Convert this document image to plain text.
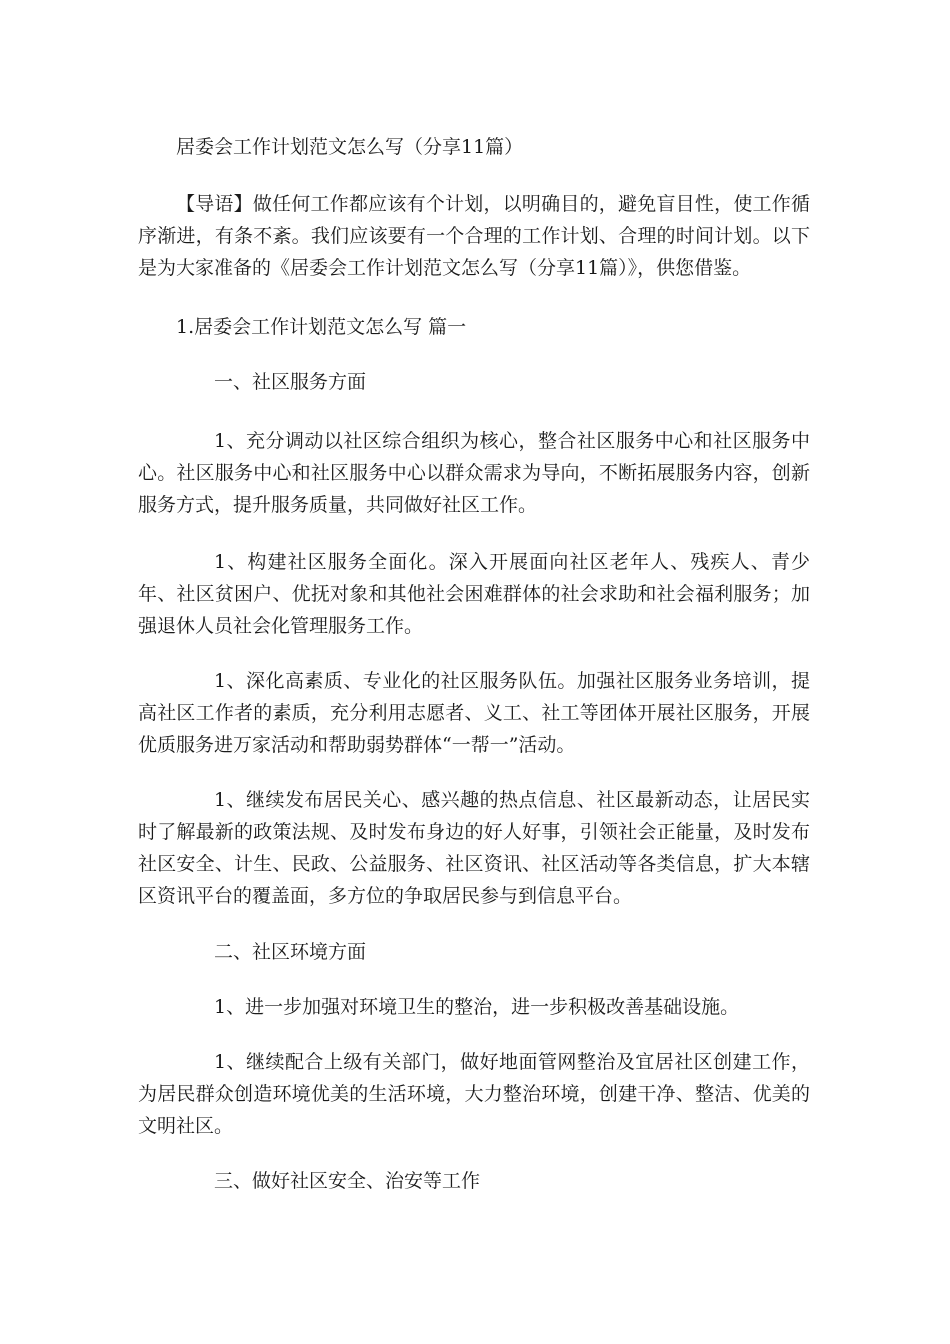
居委会工作计划范文怎么写（分享11篇）

【导语】做任何工作都应该有个计划，以明确目的，避免盲目性，使工作循序渐进，有条不紊。我们应该要有一个合理的工作计划、合理的时间计划。以下是为大家准备的《居委会工作计划范文怎么写（分享11篇）》，供您借鉴。

1.居委会工作计划范文怎么写 篇一

一、社区服务方面

1、充分调动以社区综合组织为核心，整合社区服务中心和社区服务中心。社区服务中心和社区服务中心以群众需求为导向，不断拓展服务内容，创新服务方式，提升服务质量，共同做好社区工作。

1、构建社区服务全面化。深入开展面向社区老年人、残疾人、青少年、社区贫困户、优抚对象和其他社会困难群体的社会求助和社会福利服务；加强退休人员社会化管理服务工作。

1、深化高素质、专业化的社区服务队伍。加强社区服务业务培训，提高社区工作者的素质，充分利用志愿者、义工、社工等团体开展社区服务，开展优质服务进万家活动和帮助弱势群体“一帮一”活动。

1、继续发布居民关心、感兴趣的热点信息、社区最新动态，让居民实时了解最新的政策法规、及时发布身边的好人好事，引领社会正能量，及时发布社区安全、计生、民政、公益服务、社区资讯、社区活动等各类信息，扩大本辖区资讯平台的覆盖面，多方位的争取居民参与到信息平台。

二、社区环境方面

1、进一步加强对环境卫生的整治，进一步积极改善基础设施。

1、继续配合上级有关部门，做好地面管网整治及宜居社区创建工作，为居民群众创造环境优美的生活环境，大力整治环境，创建干净、整洁、优美的文明社区。

三、做好社区安全、治安等工作
